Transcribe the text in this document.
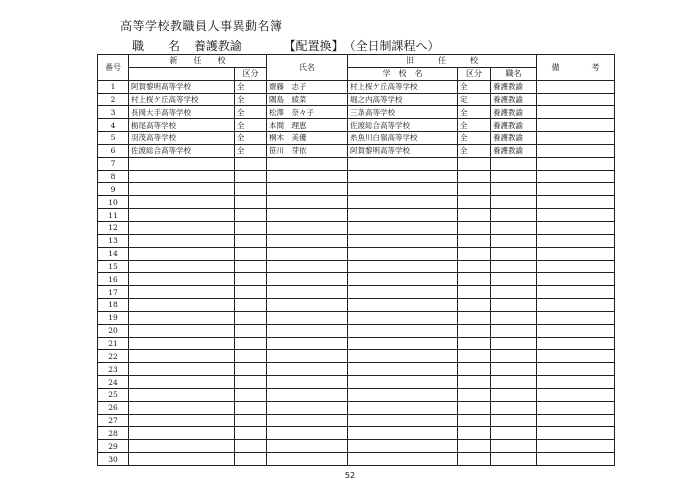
高等学校教職員人事異動名簿
職　名 養護教諭	【配置換】 （全日制課程へ）
番号	新　　任　　校		氏名	旧　　　任　　　校			備　　　　考
		区分		学　校　名	区分	職名	
1	阿賀黎明高等学校	全	齋藤　志子	村上桜ケ丘高等学校	全	養護教諭	
2	村上桜ケ丘高等学校	全	隅島　綾菜	堀之内高等学校	定	養護教諭	
3	長岡大手高等学校	全	松澤　奈々子	三条高等学校	全	養護教諭	
4	栃尾高等学校	全	本間　理恵	佐渡総合高等学校	全	養護教諭	
5	羽茂高等学校	全	桐木　美優	糸魚川白嶺高等学校	全	養護教諭	
6	佐渡総合高等学校	全	笹川　芽依	阿賀黎明高等学校	全	養護教諭	
7							
8							
9							
10							
11							
12							
13							
14							
15							
16							
17							
18							
19							
20							
21							
22							
23							
24							
25							
26							
27							
28							
29							
30							
52
